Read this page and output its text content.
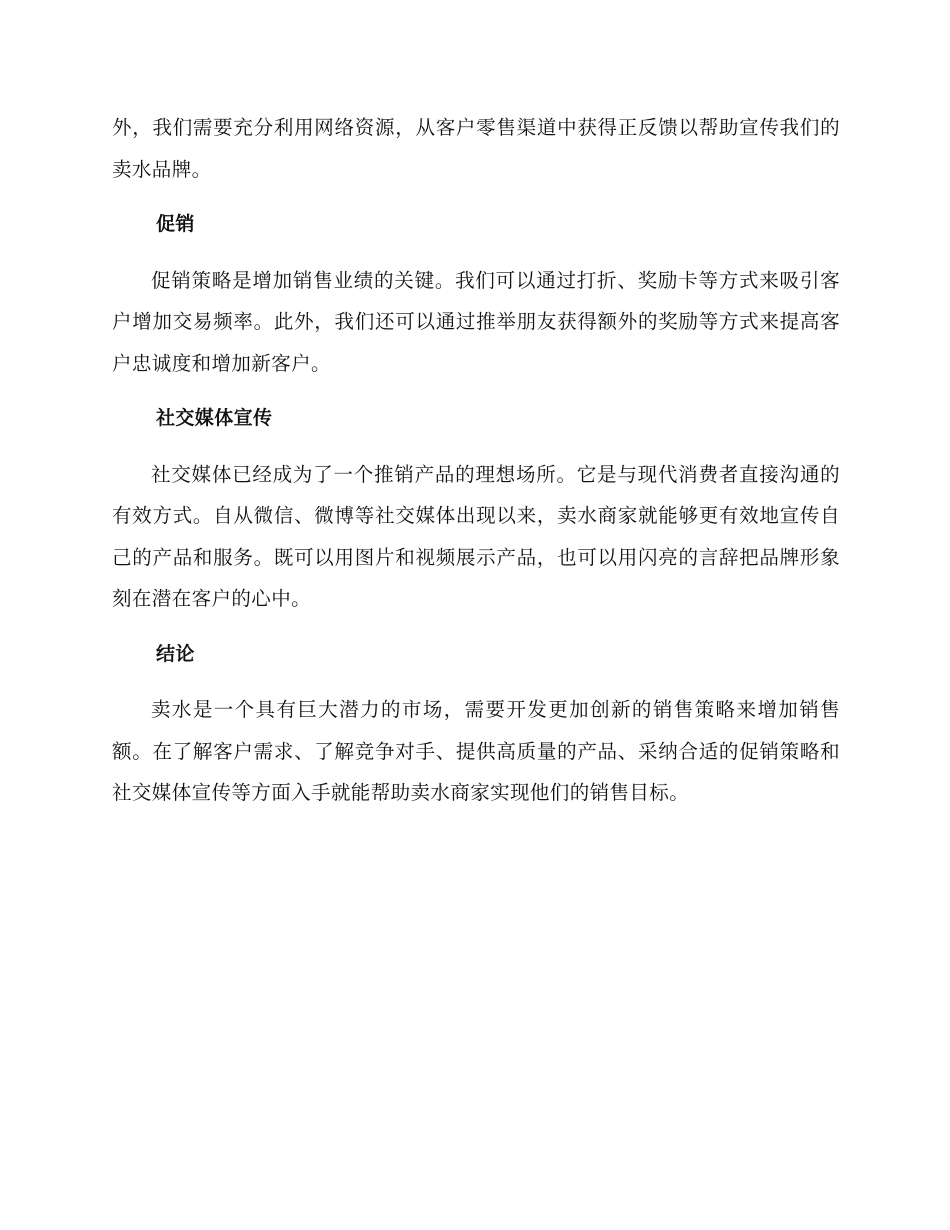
外，我们需要充分利用网络资源，从客户零售渠道中获得正反馈以帮助宣传我们的卖水品牌。

促销

促销策略是增加销售业绩的关键。我们可以通过打折、奖励卡等方式来吸引客户增加交易频率。此外，我们还可以通过推举朋友获得额外的奖励等方式来提高客户忠诚度和增加新客户。

社交媒体宣传

社交媒体已经成为了一个推销产品的理想场所。它是与现代消费者直接沟通的有效方式。自从微信、微博等社交媒体出现以来，卖水商家就能够更有效地宣传自己的产品和服务。既可以用图片和视频展示产品，也可以用闪亮的言辞把品牌形象刻在潜在客户的心中。

结论

卖水是一个具有巨大潜力的市场，需要开发更加创新的销售策略来增加销售额。在了解客户需求、了解竞争对手、提供高质量的产品、采纳合适的促销策略和社交媒体宣传等方面入手就能帮助卖水商家实现他们的销售目标。
